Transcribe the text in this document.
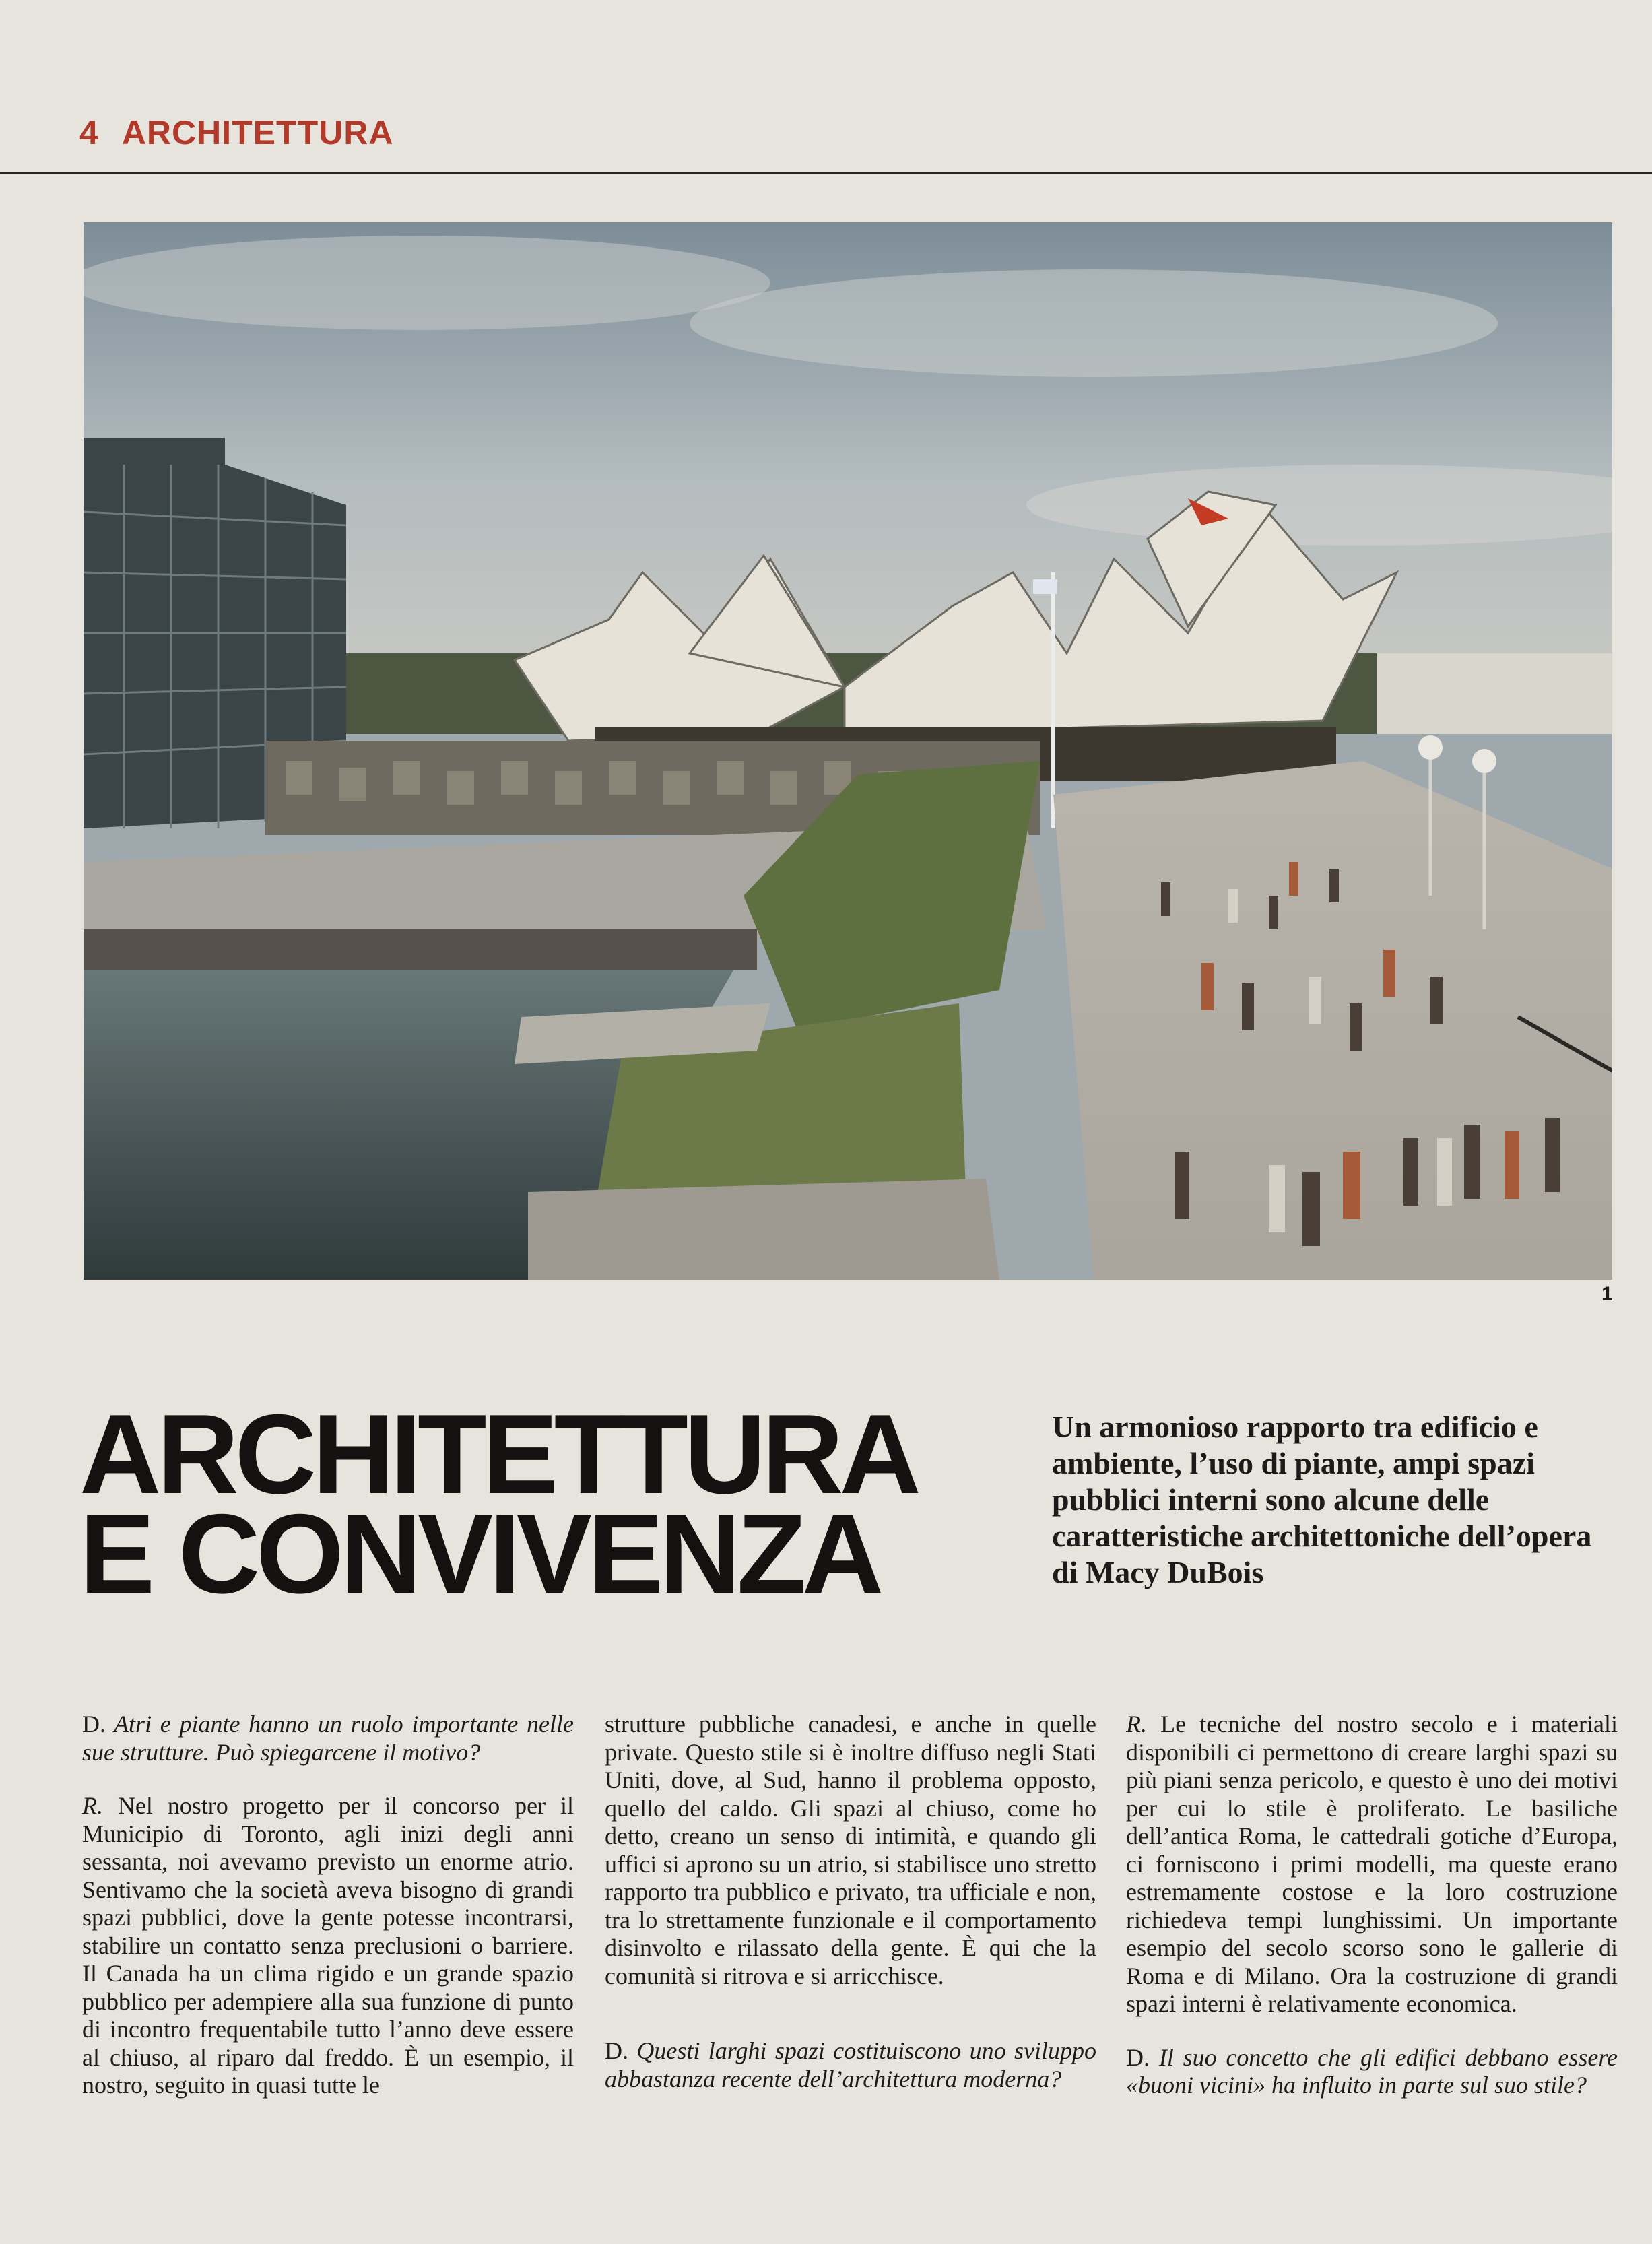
4 ARCHITETTURA
1
ARCHITETTURA
E CONVIVENZA
Un armonioso rapporto tra edificio e ambiente, l’uso di piante, ampi spazi pubblici interni sono alcune delle caratteristiche architettoniche dell’opera di Macy DuBois

D. Atri e piante hanno un ruolo importante nelle sue strutture. Può spiegarcene il motivo?

R. Nel nostro progetto per il concorso per il Municipio di Toronto, agli inizi degli anni sessanta, noi avevamo previsto un enorme atrio. Sentivamo che la società aveva bisogno di grandi spazi pubblici, dove la gente potesse incontrarsi, stabilire un contatto senza preclusioni o barriere. Il Canada ha un clima rigido e un grande spazio pubblico per adempiere alla sua funzione di punto di incontro frequentabile tutto l’anno deve essere al chiuso, al riparo dal freddo. È un esempio, il nostro, seguito in quasi tutte le

strutture pubbliche canadesi, e anche in quelle private. Questo stile si è inoltre diffuso negli Stati Uniti, dove, al Sud, hanno il problema opposto, quello del caldo. Gli spazi al chiuso, come ho detto, creano un senso di intimità, e quando gli uffici si aprono su un atrio, si stabilisce uno stretto rapporto tra pubblico e privato, tra ufficiale e non, tra lo strettamente funzionale e il comportamento disinvolto e rilassato della gente. È qui che la comunità si ritrova e si arricchisce.

D. Questi larghi spazi costituiscono uno sviluppo abbastanza recente dell’architettura moderna?

R. Le tecniche del nostro secolo e i materiali disponibili ci permettono di creare larghi spazi su più piani senza pericolo, e questo è uno dei motivi per cui lo stile è proliferato. Le basiliche dell’antica Roma, le cattedrali gotiche d’Europa, ci forniscono i primi modelli, ma queste erano estremamente costose e la loro costruzione richiedeva tempi lunghissimi. Un importante esempio del secolo scorso sono le gallerie di Roma e di Milano. Ora la costruzione di grandi spazi interni è relativamente economica.

D. Il suo concetto che gli edifici debbano essere «buoni vicini» ha influito in parte sul suo stile?
